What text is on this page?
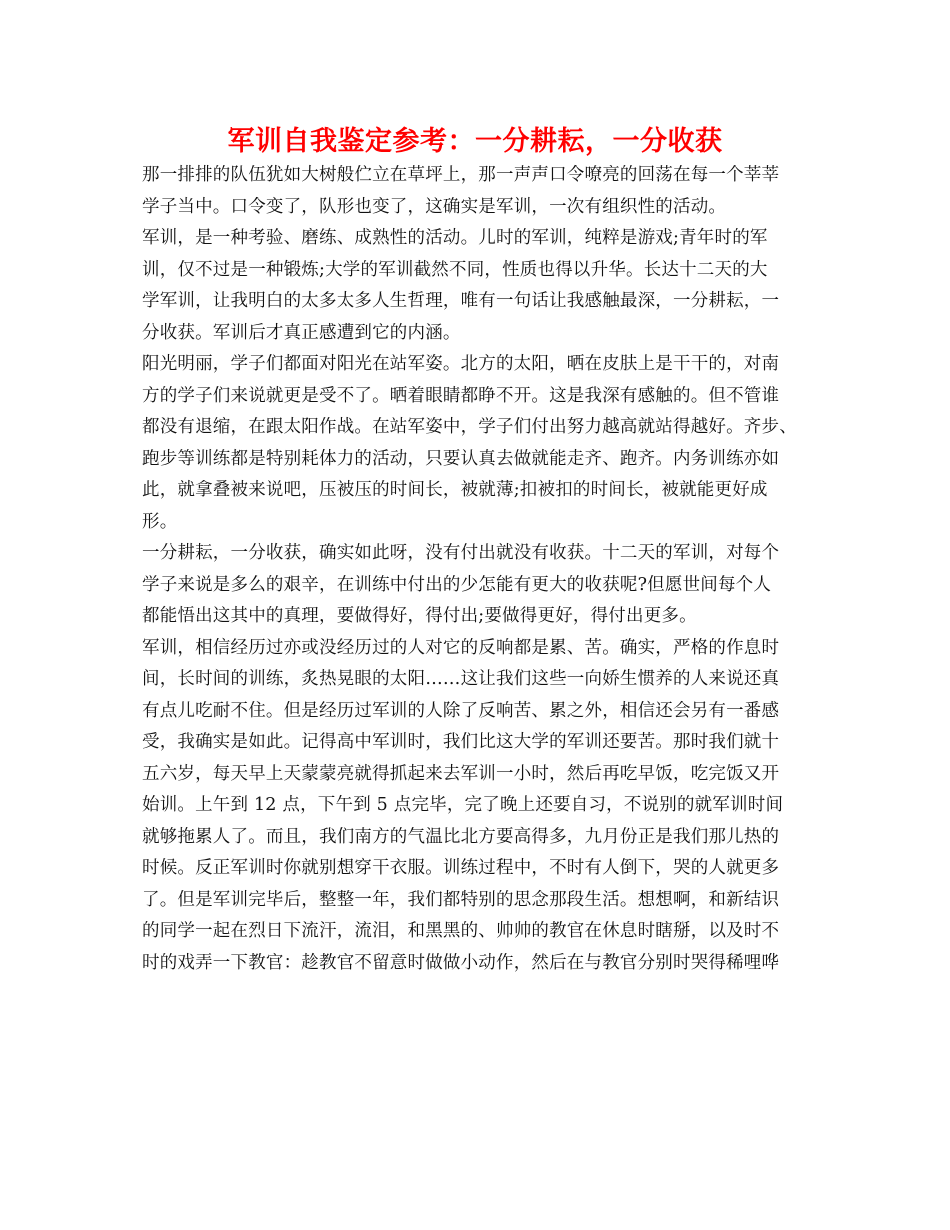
军训自我鉴定参考：一分耕耘，一分收获
那一排排的队伍犹如大树般伫立在草坪上，那一声声口令嘹亮的回荡在每一个莘莘
学子当中。口令变了，队形也变了，这确实是军训，一次有组织性的活动。
军训，是一种考验、磨练、成熟性的活动。儿时的军训，纯粹是游戏;青年时的军
训，仅不过是一种锻炼;大学的军训截然不同，性质也得以升华。长达十二天的大
学军训，让我明白的太多太多人生哲理，唯有一句话让我感触最深，一分耕耘，一
分收获。军训后才真正感遭到它的内涵。
阳光明丽，学子们都面对阳光在站军姿。北方的太阳，晒在皮肤上是干干的，对南
方的学子们来说就更是受不了。晒着眼睛都睁不开。这是我深有感触的。但不管谁
都没有退缩，在跟太阳作战。在站军姿中，学子们付出努力越高就站得越好。齐步、
跑步等训练都是特别耗体力的活动，只要认真去做就能走齐、跑齐。内务训练亦如
此，就拿叠被来说吧，压被压的时间长，被就薄;扣被扣的时间长，被就能更好成
形。
一分耕耘，一分收获，确实如此呀，没有付出就没有收获。十二天的军训，对每个
学子来说是多么的艰辛，在训练中付出的少怎能有更大的收获呢?但愿世间每个人
都能悟出这其中的真理，要做得好，得付出;要做得更好，得付出更多。
军训，相信经历过亦或没经历过的人对它的反响都是累、苦。确实，严格的作息时
间，长时间的训练，炙热晃眼的太阳……这让我们这些一向娇生惯养的人来说还真
有点儿吃耐不住。但是经历过军训的人除了反响苦、累之外，相信还会另有一番感
受，我确实是如此。记得高中军训时，我们比这大学的军训还要苦。那时我们就十
五六岁，每天早上天蒙蒙亮就得抓起来去军训一小时，然后再吃早饭，吃完饭又开
始训。上午到 12 点，下午到 5 点完毕，完了晚上还要自习，不说别的就军训时间
就够拖累人了。而且，我们南方的气温比北方要高得多，九月份正是我们那儿热的
时候。反正军训时你就别想穿干衣服。训练过程中，不时有人倒下，哭的人就更多
了。但是军训完毕后，整整一年，我们都特别的思念那段生活。想想啊，和新结识
的同学一起在烈日下流汗，流泪，和黑黑的、帅帅的教官在休息时瞎掰，以及时不
时的戏弄一下教官：趁教官不留意时做做小动作，然后在与教官分别时哭得稀哩哗
